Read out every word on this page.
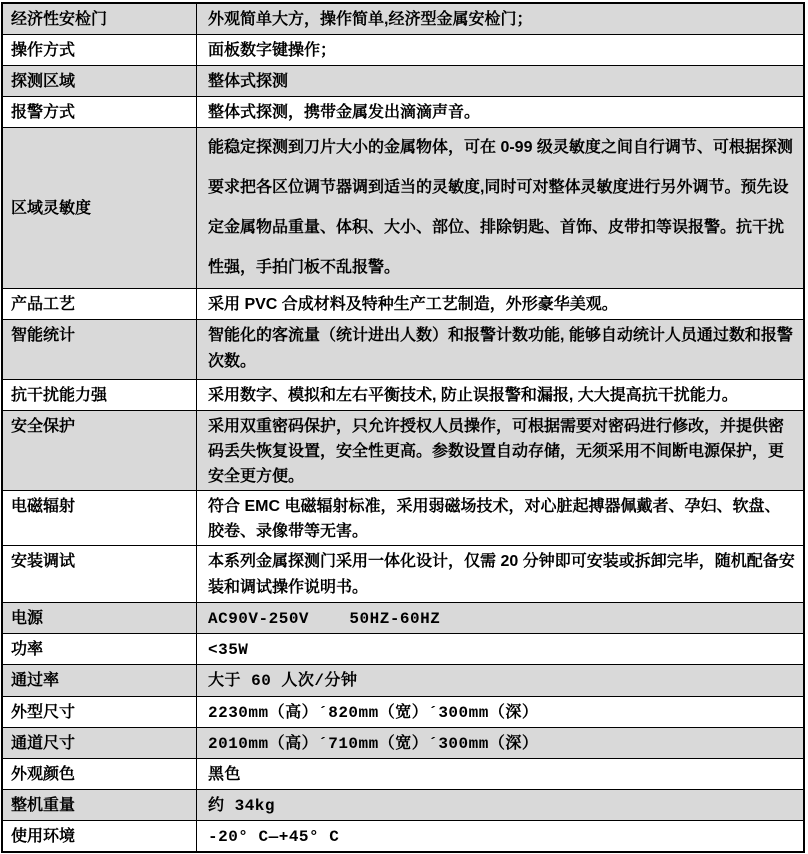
经济性安检门	外观简单大方，操作简单,经济型金属安检门；
操作方式	面板数字键操作；
探测区域	整体式探测
报警方式	整体式探测，携带金属发出滴滴声音。
区域灵敏度	能稳定探测到刀片大小的金属物体，可在 0-99 级灵敏度之间自行调节、可根据探测要求把各区位调节器调到适当的灵敏度,同时可对整体灵敏度进行另外调节。预先设定金属物品重量、体积、大小、部位、排除钥匙、首饰、皮带扣等误报警。抗干扰性强，手拍门板不乱报警。
产品工艺	采用 PVC 合成材料及特种生产工艺制造，外形豪华美观。
智能统计	智能化的客流量（统计进出人数）和报警计数功能, 能够自动统计人员通过数和报警次数。
抗干扰能力强	采用数字、模拟和左右平衡技术, 防止误报警和漏报, 大大提高抗干扰能力。
安全保护	采用双重密码保护，只允许授权人员操作，可根据需要对密码进行修改，并提供密码丢失恢复设置，安全性更高。参数设置自动存储，无须采用不间断电源保护，更安全更方便。
电磁辐射	符合 EMC 电磁辐射标准，采用弱磁场技术，对心脏起搏器佩戴者、孕妇、软盘、胶卷、录像带等无害。
安装调试	本系列金属探测门采用一体化设计，仅需 20 分钟即可安装或拆卸完毕，随机配备安装和调试操作说明书。
电源	AC90V-250V    50HZ-60HZ
功率	<35W
通过率	大于 60 人次/分钟
外型尺寸	2230mm（高）´820mm（宽）´300mm（深）
通道尺寸	2010mm（高）´710mm（宽）´300mm（深）
外观颜色	黑色
整机重量	约 34kg
使用环境	-20° C—+45° C
